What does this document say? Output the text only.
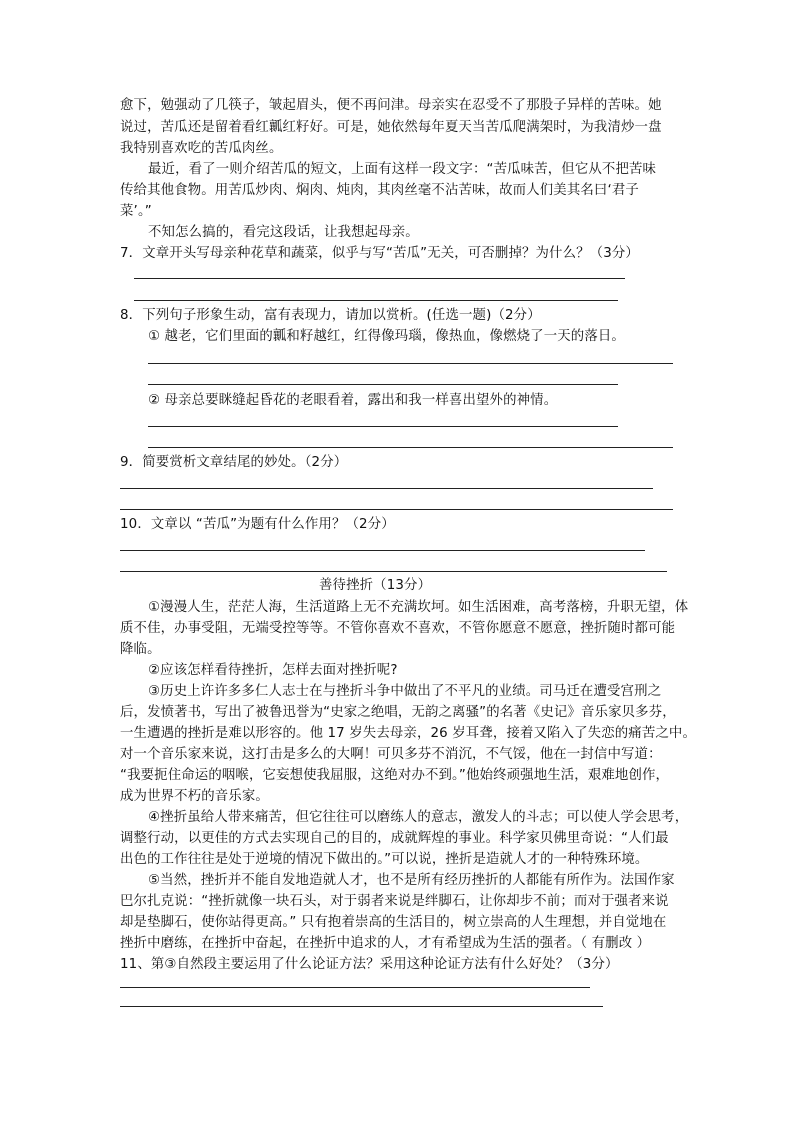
愈下，勉强动了几筷子，皱起眉头，便不再问津。母亲实在忍受不了那股子异样的苦味。她
说过，苦瓜还是留着看红瓤红籽好。可是，她依然每年夏天当苦瓜爬满架时，为我清炒一盘
我特别喜欢吃的苦瓜肉丝。
最近，看了一则介绍苦瓜的短文，上面有这样一段文字：“苦瓜味苦，但它从不把苦味
传给其他食物。用苦瓜炒肉、焖肉、炖肉，其肉丝毫不沾苦味，故而人们美其名曰‘君子
菜’。”
不知怎么搞的，看完这段话，让我想起母亲。
7．文章开头写母亲种花草和蔬菜，似乎与写“苦瓜”无关，可否删掉？为什么？（3分）
8．下列句子形象生动，富有表现力，请加以赏析。(任选一题)（2分）
① 越老，它们里面的瓤和籽越红，红得像玛瑙，像热血，像燃烧了一天的落日。
② 母亲总要眯缝起昏花的老眼看着，露出和我一样喜出望外的神情。
9．简要赏析文章结尾的妙处。（2分）
10．文章以 “苦瓜”为题有什么作用？（2分）
善待挫折（13分）
①漫漫人生，茫茫人海，生活道路上无不充满坎坷。如生活困难，高考落榜，升职无望，体
质不佳，办事受阻，无端受控等等。不管你喜欢不喜欢，不管你愿意不愿意，挫折随时都可能
降临。
②应该怎样看待挫折，怎样去面对挫折呢?
③历史上许许多多仁人志士在与挫折斗争中做出了不平凡的业绩。司马迁在遭受宫刑之
后，发愤著书，写出了被鲁迅誉为“史家之绝唱，无韵之离骚”的名著《史记》音乐家贝多芬，
一生遭遇的挫折是难以形容的。他 17 岁失去母亲，26 岁耳聋，接着又陷入了失恋的痛苦之中。
对一个音乐家来说，这打击是多么的大啊！可贝多芬不消沉，不气馁，他在一封信中写道：
“我要扼住命运的咽喉，它妄想使我屈服，这绝对办不到。”他始终顽强地生活，艰难地创作，
成为世界不朽的音乐家。
④挫折虽给人带来痛苦，但它往往可以磨练人的意志，激发人的斗志；可以使人学会思考，
调整行动，以更佳的方式去实现自己的目的，成就辉煌的事业。科学家贝佛里奇说：“人们最
出色的工作往往是处于逆境的情况下做出的。”可以说，挫折是造就人才的一种特殊环境。
⑤当然，挫折并不能自发地造就人才，也不是所有经历挫折的人都能有所作为。法国作家
巴尔扎克说：“挫折就像一块石头，对于弱者来说是绊脚石，让你却步不前；而对于强者来说
却是垫脚石，使你站得更高。” 只有抱着崇高的生活目的，树立崇高的人生理想，并自觉地在
挫折中磨练，在挫折中奋起，在挫折中追求的人，才有希望成为生活的强者。（ 有删改 ）
11、第③自然段主要运用了什么论证方法？采用这种论证方法有什么好处？（3分）
